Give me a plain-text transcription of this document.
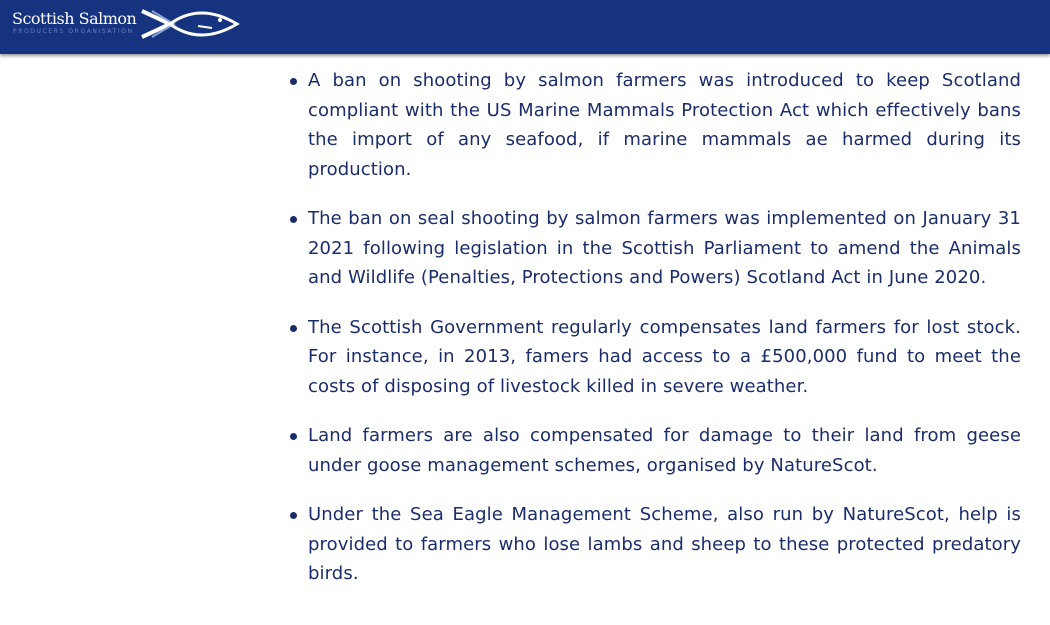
Scottish Salmon
PRODUCERS ORGANISATION
A ban on shooting by salmon farmers was introduced to keep Scotland compliant with the US Marine Mammals Protection Act which effectively bans the import of any seafood, if marine mammals ae harmed during its production.
The ban on seal shooting by salmon farmers was implemented on January 31 2021 following legislation in the Scottish Parliament to amend the Animals and Wildlife (Penalties, Protections and Powers) Scotland Act in June 2020.
The Scottish Government regularly compensates land farmers for lost stock. For instance, in 2013, famers had access to a £500,000 fund to meet the costs of disposing of livestock killed in severe weather.
Land farmers are also compensated for damage to their land from geese under goose management schemes, organised by NatureScot.
Under the Sea Eagle Management Scheme, also run by NatureScot, help is provided to farmers who lose lambs and sheep to these protected predatory birds.
